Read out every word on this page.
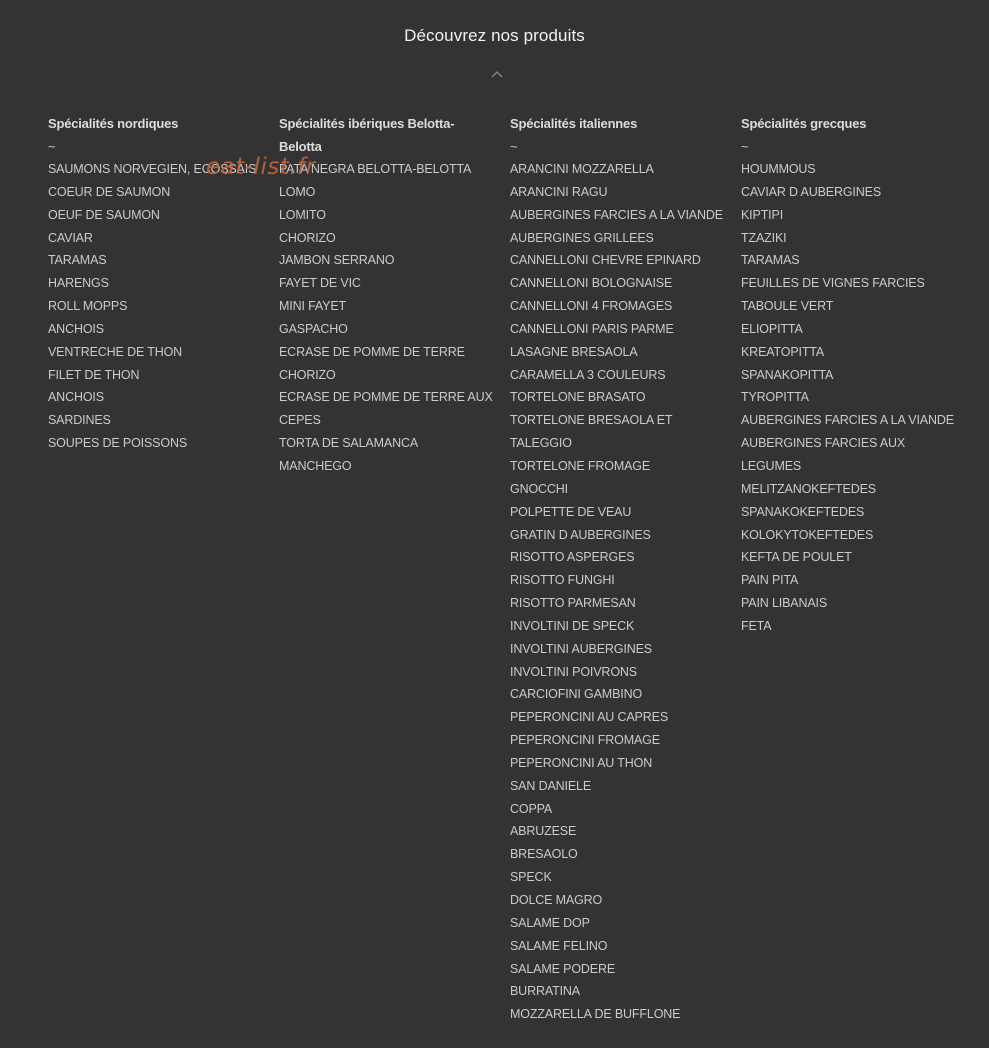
Découvrez nos produits
Spécialités nordiques
~
SAUMONS NORVEGIEN, ECOSSAIS
COEUR DE SAUMON
OEUF DE SAUMON
CAVIAR
TARAMAS
HARENGS
ROLL MOPPS
ANCHOIS
VENTRECHE DE THON
FILET DE THON
ANCHOIS
SARDINES
SOUPES DE POISSONS
Spécialités ibériques Belotta-
Belotta
PATA NEGRA BELOTTA-BELOTTA
LOMO
LOMITO
CHORIZO
JAMBON SERRANO
FAYET DE VIC
MINI FAYET
GASPACHO
ECRASE DE POMME DE TERRE
CHORIZO
ECRASE DE POMME DE TERRE AUX
CEPES
TORTA DE SALAMANCA
MANCHEGO
Spécialités italiennes
~
ARANCINI MOZZARELLA
ARANCINI RAGU
AUBERGINES FARCIES A LA VIANDE
AUBERGINES GRILLEES
CANNELLONI CHEVRE EPINARD
CANNELLONI BOLOGNAISE
CANNELLONI 4 FROMAGES
CANNELLONI PARIS PARME
LASAGNE BRESAOLA
CARAMELLA 3 COULEURS
TORTELONE BRASATO
TORTELONE BRESAOLA ET
TALEGGIO
TORTELONE FROMAGE
GNOCCHI
POLPETTE DE VEAU
GRATIN D AUBERGINES
RISOTTO ASPERGES
RISOTTO FUNGHI
RISOTTO PARMESAN
INVOLTINI DE SPECK
INVOLTINI AUBERGINES
INVOLTINI POIVRONS
CARCIOFINI GAMBINO
PEPERONCINI AU CAPRES
PEPERONCINI FROMAGE
PEPERONCINI AU THON
SAN DANIELE
COPPA
ABRUZESE
BRESAOLO
SPECK
DOLCE MAGRO
SALAME DOP
SALAME FELINO
SALAME PODERE
BURRATINA
MOZZARELLA DE BUFFLONE
Spécialités grecques
~
HOUMMOUS
CAVIAR D AUBERGINES
KIPTIPI
TZAZIKI
TARAMAS
FEUILLES DE VIGNES FARCIES
TABOULE VERT
ELIOPITTA
KREATOPITTA
SPANAKOPITTA
TYROPITTA
AUBERGINES FARCIES A LA VIANDE
AUBERGINES FARCIES AUX
LEGUMES
MELITZANOKEFTEDES
SPANAKOKEFTEDES
KOLOKYTOKEFTEDES
KEFTA DE POULET
PAIN PITA
PAIN LIBANAIS
FETA
eat-list.fr
